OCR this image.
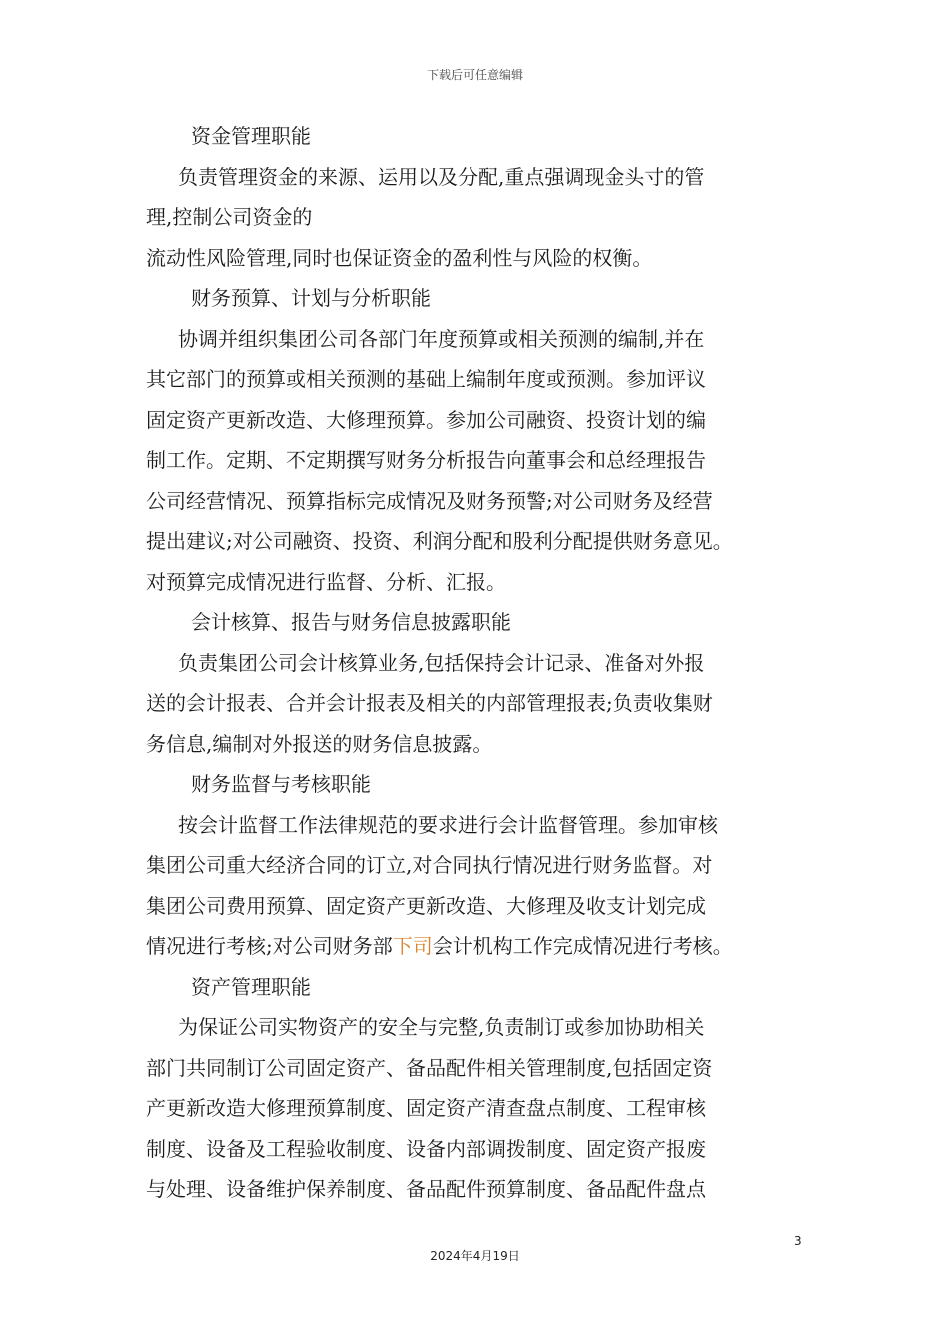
下载后可任意编辑
资金管理职能
负责管理资金的来源、运用以及分配,重点强调现金头寸的管
理,控制公司资金的
流动性风险管理,同时也保证资金的盈利性与风险的权衡。
财务预算、计划与分析职能
协调并组织集团公司各部门年度预算或相关预测的编制,并在
其它部门的预算或相关预测的基础上编制年度或预测。参加评议
固定资产更新改造、大修理预算。参加公司融资、投资计划的编
制工作。定期、不定期撰写财务分析报告向董事会和总经理报告
公司经营情况、预算指标完成情况及财务预警;对公司财务及经营
提出建议;对公司融资、投资、利润分配和股利分配提供财务意见。
对预算完成情况进行监督、分析、汇报。
会计核算、报告与财务信息披露职能
负责集团公司会计核算业务,包括保持会计记录、准备对外报
送的会计报表、合并会计报表及相关的内部管理报表;负责收集财
务信息,编制对外报送的财务信息披露。
财务监督与考核职能
按会计监督工作法律规范的要求进行会计监督管理。参加审核
集团公司重大经济合同的订立,对合同执行情况进行财务监督。对
集团公司费用预算、固定资产更新改造、大修理及收支计划完成
情况进行考核;对公司财务部下司会计机构工作完成情况进行考核。
资产管理职能
为保证公司实物资产的安全与完整,负责制订或参加协助相关
部门共同制订公司固定资产、备品配件相关管理制度,包括固定资
产更新改造大修理预算制度、固定资产清查盘点制度、工程审核
制度、设备及工程验收制度、设备内部调拨制度、固定资产报废
与处理、设备维护保养制度、备品配件预算制度、备品配件盘点
3
2024年4月19日
